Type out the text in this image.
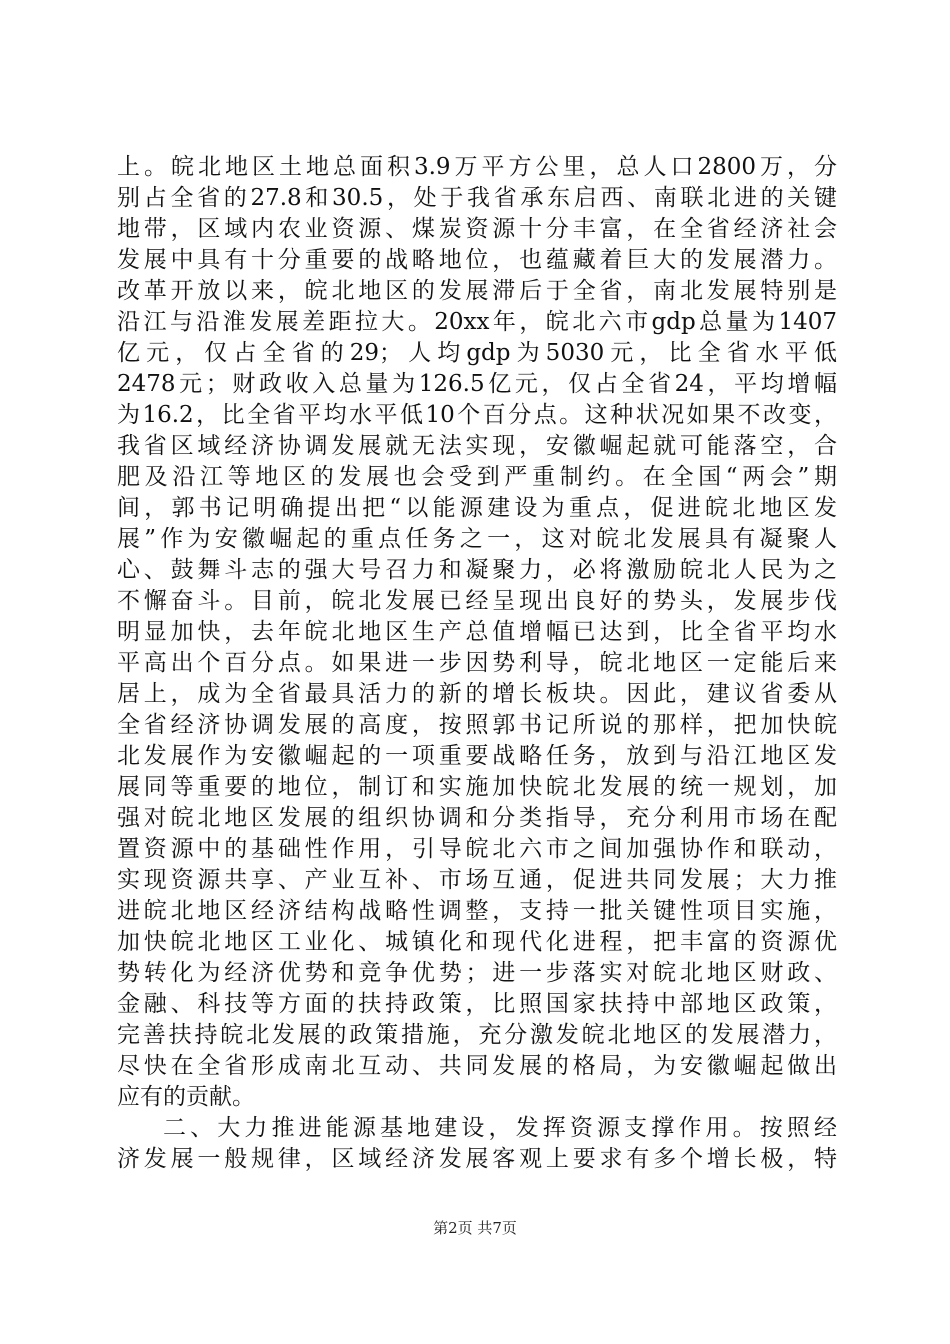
上。皖北地区土地总面积3.9万平方公里，总人口2800万，分
别占全省的27.8和30.5，处于我省承东启西、南联北进的关键
地带，区域内农业资源、煤炭资源十分丰富，在全省经济社会
发展中具有十分重要的战略地位，也蕴藏着巨大的发展潜力。
改革开放以来，皖北地区的发展滞后于全省，南北发展特别是
沿江与沿淮发展差距拉大。20xx年，皖北六市gdp总量为1407
亿元，仅占全省的29；人均gdp为5030元，比全省水平低
2478元；财政收入总量为126.5亿元，仅占全省24，平均增幅
为16.2，比全省平均水平低10个百分点。这种状况如果不改变，
我省区域经济协调发展就无法实现，安徽崛起就可能落空，合
肥及沿江等地区的发展也会受到严重制约。在全国“两会”期
间，郭书记明确提出把“以能源建设为重点，促进皖北地区发
展”作为安徽崛起的重点任务之一，这对皖北发展具有凝聚人
心、鼓舞斗志的强大号召力和凝聚力，必将激励皖北人民为之
不懈奋斗。目前，皖北发展已经呈现出良好的势头，发展步伐
明显加快，去年皖北地区生产总值增幅已达到，比全省平均水
平高出个百分点。如果进一步因势利导，皖北地区一定能后来
居上，成为全省最具活力的新的增长板块。因此，建议省委从
全省经济协调发展的高度，按照郭书记所说的那样，把加快皖
北发展作为安徽崛起的一项重要战略任务，放到与沿江地区发
展同等重要的地位，制订和实施加快皖北发展的统一规划，加
强对皖北地区发展的组织协调和分类指导，充分利用市场在配
置资源中的基础性作用，引导皖北六市之间加强协作和联动，
实现资源共享、产业互补、市场互通，促进共同发展；大力推
进皖北地区经济结构战略性调整，支持一批关键性项目实施，
加快皖北地区工业化、城镇化和现代化进程，把丰富的资源优
势转化为经济优势和竞争优势；进一步落实对皖北地区财政、
金融、科技等方面的扶持政策，比照国家扶持中部地区政策，
完善扶持皖北发展的政策措施，充分激发皖北地区的发展潜力，
尽快在全省形成南北互动、共同发展的格局，为安徽崛起做出
应有的贡献。
二、大力推进能源基地建设，发挥资源支撑作用。按照经
济发展一般规律，区域经济发展客观上要求有多个增长极，特
第2页 共7页
